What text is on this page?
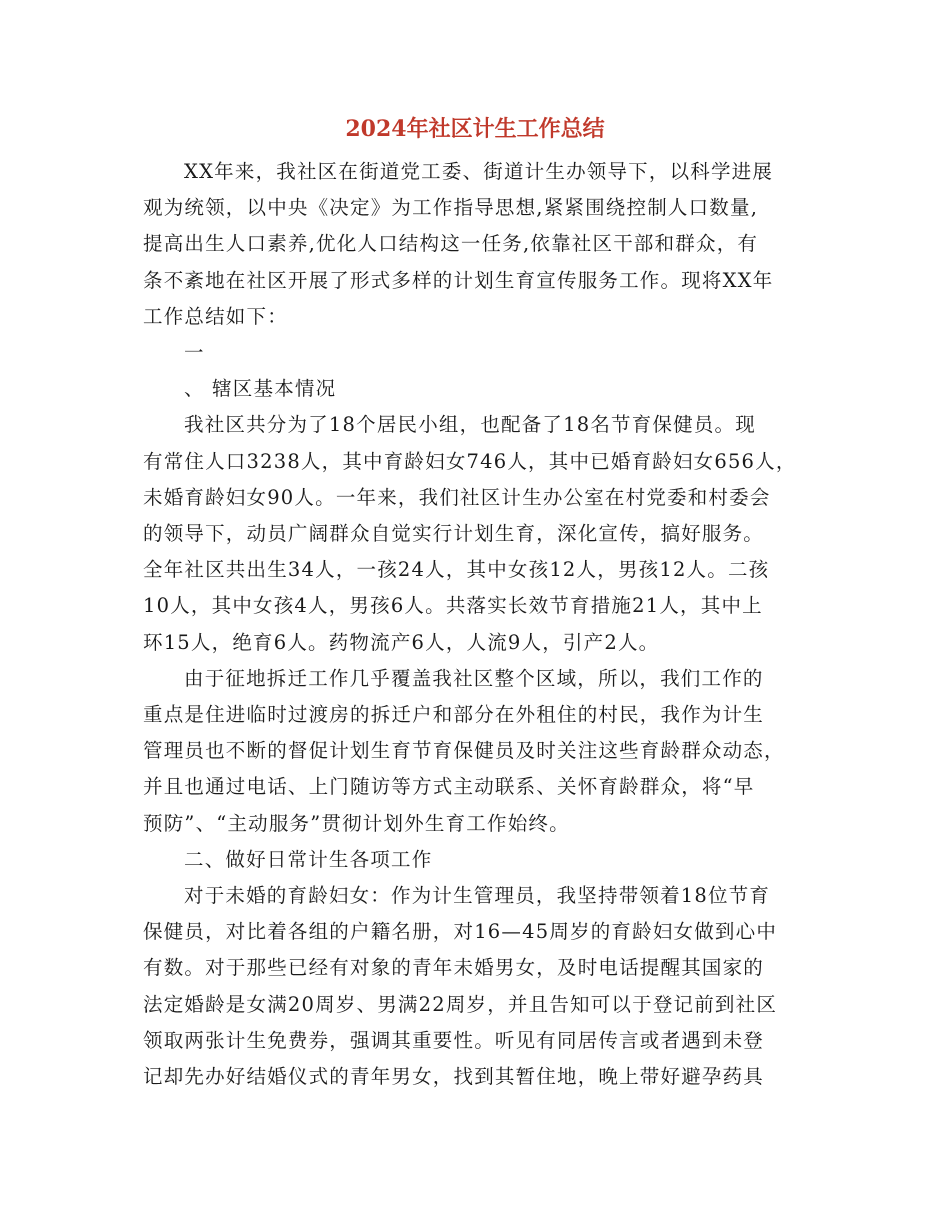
2024年社区计生工作总结
XX年来，我社区在街道党工委、街道计生办领导下，以科学进展
观为统领，以中央《决定》为工作指导思想,紧紧围绕控制人口数量,
提高出生人口素养,优化人口结构这一任务,依靠社区干部和群众，有
条不紊地在社区开展了形式多样的计划生育宣传服务工作。现将XX年
工作总结如下：
一
、 辖区基本情况
我社区共分为了18个居民小组，也配备了18名节育保健员。现
有常住人口3238人，其中育龄妇女746人，其中已婚育龄妇女656人，
未婚育龄妇女90人。一年来，我们社区计生办公室在村党委和村委会
的领导下，动员广阔群众自觉实行计划生育，深化宣传，搞好服务。
全年社区共出生34人，一孩24人，其中女孩12人，男孩12人。二孩
10人，其中女孩4人，男孩6人。共落实长效节育措施21人，其中上
环15人，绝育6人。药物流产6人，人流9人，引产2人。
由于征地拆迁工作几乎覆盖我社区整个区域，所以，我们工作的
重点是住进临时过渡房的拆迁户和部分在外租住的村民，我作为计生
管理员也不断的督促计划生育节育保健员及时关注这些育龄群众动态，
并且也通过电话、上门随访等方式主动联系、关怀育龄群众，将“早
预防”、“主动服务”贯彻计划外生育工作始终。
二、做好日常计生各项工作
对于未婚的育龄妇女：作为计生管理员，我坚持带领着18位节育
保健员，对比着各组的户籍名册，对16—45周岁的育龄妇女做到心中
有数。对于那些已经有对象的青年未婚男女，及时电话提醒其国家的
法定婚龄是女满20周岁、男满22周岁，并且告知可以于登记前到社区
领取两张计生免费券，强调其重要性。听见有同居传言或者遇到未登
记却先办好结婚仪式的青年男女，找到其暂住地，晚上带好避孕药具
